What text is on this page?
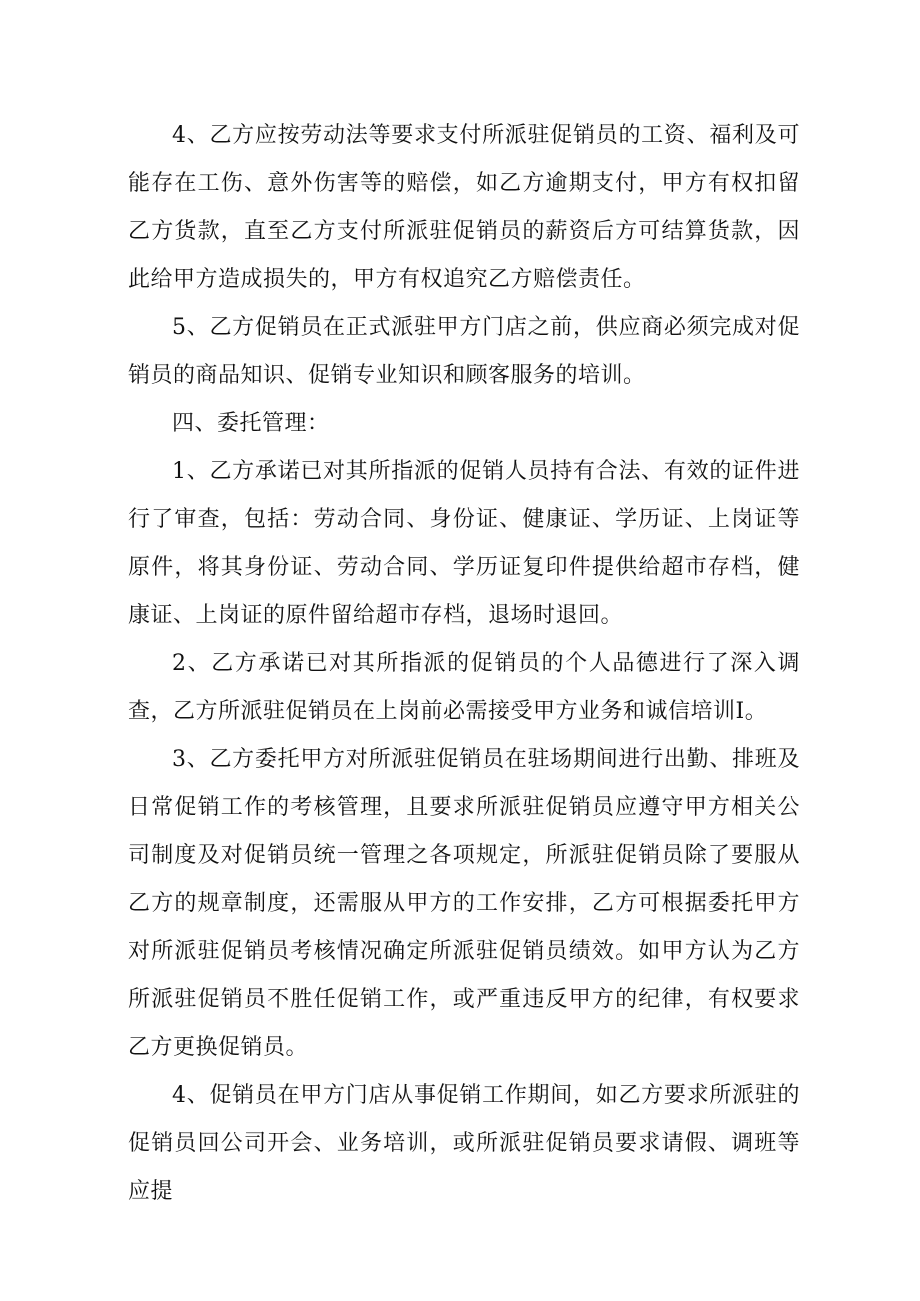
4、乙方应按劳动法等要求支付所派驻促销员的工资、福利及可能存在工伤、意外伤害等的赔偿，如乙方逾期支付，甲方有权扣留乙方货款，直至乙方支付所派驻促销员的薪资后方可结算货款，因此给甲方造成损失的，甲方有权追究乙方赔偿责任。

5、乙方促销员在正式派驻甲方门店之前，供应商必须完成对促销员的商品知识、促销专业知识和顾客服务的培训。

四、委托管理：

1、乙方承诺已对其所指派的促销人员持有合法、有效的证件进行了审查，包括：劳动合同、身份证、健康证、学历证、上岗证等原件，将其身份证、劳动合同、学历证复印件提供给超市存档，健康证、上岗证的原件留给超市存档，退场时退回。

2、乙方承诺已对其所指派的促销员的个人品德进行了深入调查，乙方所派驻促销员在上岗前必需接受甲方业务和诚信培训I。

3、乙方委托甲方对所派驻促销员在驻场期间进行出勤、排班及日常促销工作的考核管理，且要求所派驻促销员应遵守甲方相关公司制度及对促销员统一管理之各项规定，所派驻促销员除了要服从乙方的规章制度，还需服从甲方的工作安排，乙方可根据委托甲方对所派驻促销员考核情况确定所派驻促销员绩效。如甲方认为乙方所派驻促销员不胜任促销工作，或严重违反甲方的纪律，有权要求乙方更换促销员。

4、促销员在甲方门店从事促销工作期间，如乙方要求所派驻的促销员回公司开会、业务培训，或所派驻促销员要求请假、调班等应提
